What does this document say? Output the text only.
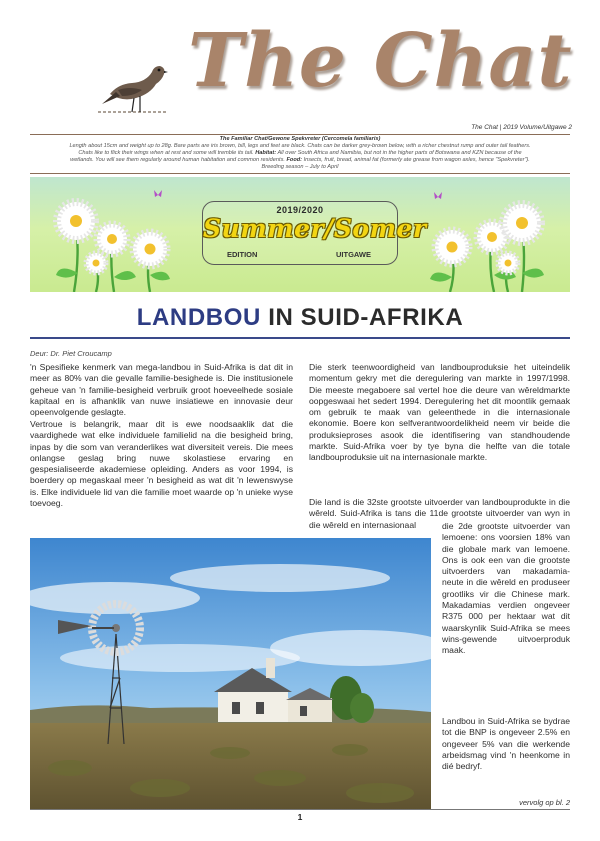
The Chat
The Chat | 2019 Volume/Uitgawe 2
The Familiar Chat/Gewone Spekvreter (Cercomela familiaris)
Length about 15cm and weight up to 28g. Bare parts are iris brown, bill, legs and feet are black. Chats can be darker grey-brown below, with a richer chestnut rump and outer tail feathers.
Chats like to flick their wings when at rest and some will tremble its tail. Habitat: All over South Africa and Namibia, but not in the higher parts of Botswana and KZN because of the
wetlands. You will see them regularly around human habitation and common residents. Food: Insects, fruit, bread, animal fat (formerly ate grease from wagon axles, hence "Spekvreter").
Breeding season – July to April
2019/2020
Summer/Somer
EDITION	UITGAWE
LANDBOU IN SUID-AFRIKA
Deur: Dr. Piet Croucamp
'n Spesifieke kenmerk van mega-landbou in Suid-Afrika is dat dit in meer as 80% van die gevalle familie-besighede is. Die institusionele geheue van 'n familie-besigheid verbruik groot hoeveelhede sosiale kapitaal en is afhanklik van nuwe insiatiewe en innovasie deur opeenvolgende geslagte.
Vertroue is belangrik, maar dit is ewe noodsaaklik dat die vaardighede wat elke individuele familielid na die besigheid bring, inpas by die som van veranderlikes wat diversiteit vereis. Die mees onlangse geslag bring nuwe skolastiese ervaring en gespesialiseerde akademiese opleiding. Anders as voor 1994, is boerdery op megaskaal meer 'n besigheid as wat dit 'n lewenswyse is. Elke individuele lid van die familie moet waarde op 'n unieke wyse toevoeg.
Die sterk teenwoordigheid van landbouproduksie het uiteindelik momentum gekry met die deregulering van markte in 1997/1998. Die meeste megaboere sal vertel hoe die deure van wêreldmarkte oopgeswaai het sedert 1994. Deregulering het dit moontlik gemaak om gebruik te maak van geleenthede in die internasionale ekonomie. Boere kon selfverantwoordelikheid neem vir beide die produksieproses asook die identifisering van standhoudende markte. Suid-Afrika voer by tye byna die helfte van die totale landbouproduksie uit na internasionale markte.
Die land is die 32ste grootste uitvoerder van landbouprodukte in die wêreld. Suid-Afrika is tans die 11de grootste uitvoerder van wyn in die wêreld en internasionaal	die 2de grootste uitvoerder van lemoene: ons voorsien 18% van die globale mark van lemoene. Ons is ook een van die grootste uitvoerders van makadamia-neute in die wêreld en produseer grootliks vir die Chinese mark. Makadamias verdien ongeveer R375 000 per hektaar wat dit waarskynlik Suid-Afrika se mees wins-gewende uitvoerproduk maak.
Landbou in Suid-Afrika se bydrae tot die BNP is ongeveer 2.5% en ongeveer 5% van die werkende arbeidsmag vind 'n heenkome in dié bedryf.
vervolg op bl. 2
1
